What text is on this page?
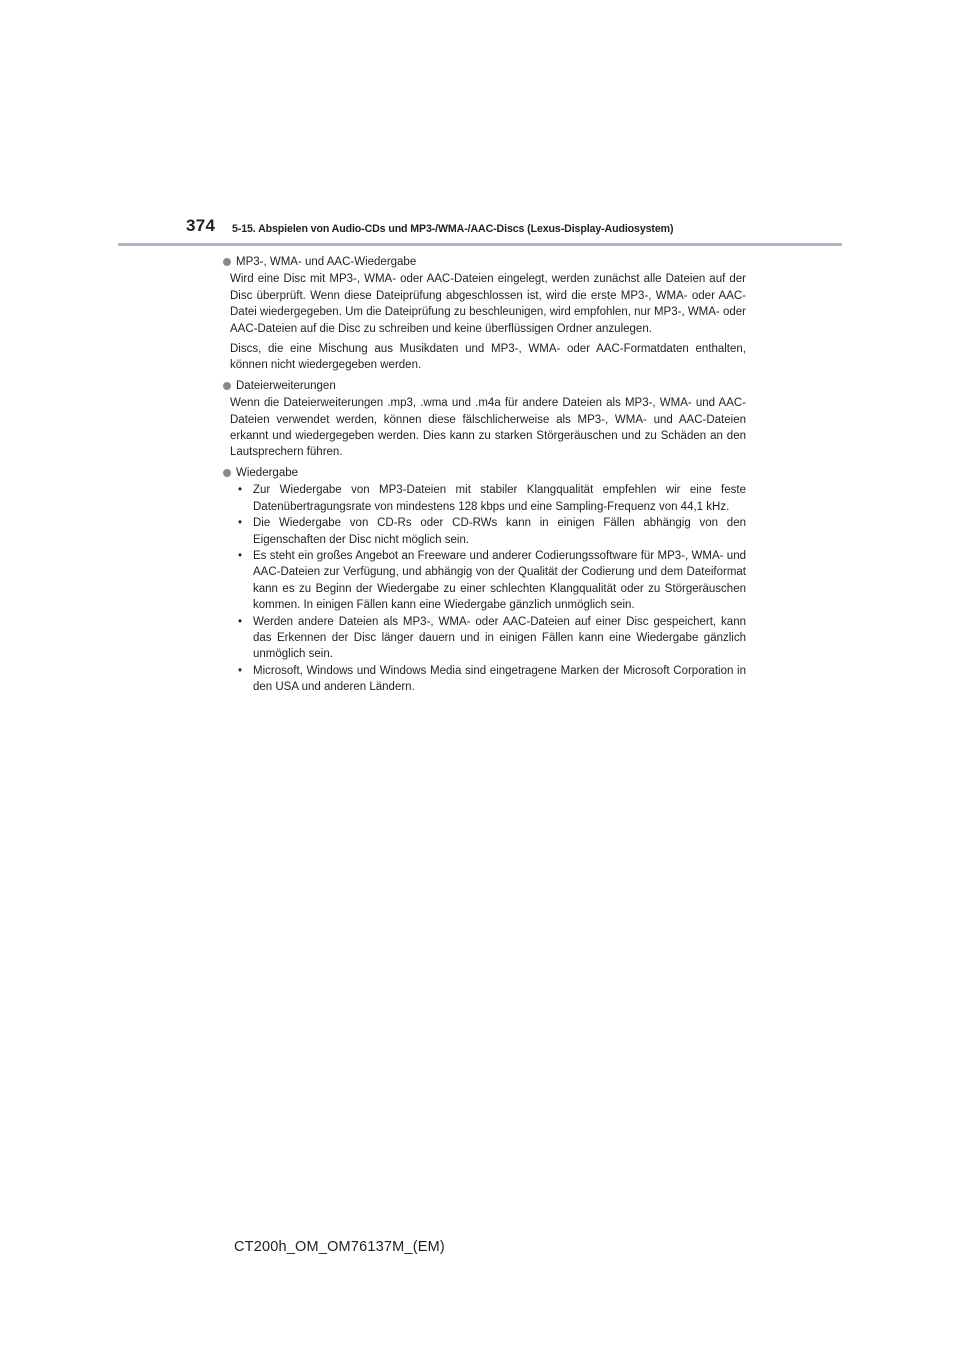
374 5-15. Abspielen von Audio-CDs und MP3-/WMA-/AAC-Discs (Lexus-Display-Audiosystem)
MP3-, WMA- und AAC-Wiedergabe

Wird eine Disc mit MP3-, WMA- oder AAC-Dateien eingelegt, werden zunächst alle Dateien auf der Disc überprüft. Wenn diese Dateiprüfung abgeschlossen ist, wird die erste MP3-, WMA- oder AAC-Datei wiedergegeben. Um die Dateiprüfung zu beschleunigen, wird empfohlen, nur MP3-, WMA- oder AAC-Dateien auf die Disc zu schreiben und keine überflüssigen Ordner anzulegen.

Discs, die eine Mischung aus Musikdaten und MP3-, WMA- oder AAC-Formatdaten enthalten, können nicht wiedergegeben werden.

Dateierweiterungen

Wenn die Dateierweiterungen .mp3, .wma und .m4a für andere Dateien als MP3-, WMA- und AAC-Dateien verwendet werden, können diese fälschlicherweise als MP3-, WMA- und AAC-Dateien erkannt und wiedergegeben werden. Dies kann zu starken Störgeräuschen und zu Schäden an den Lautsprechern führen.

Wiedergabe
• Zur Wiedergabe von MP3-Dateien mit stabiler Klangqualität empfehlen wir eine feste Datenübertragungsrate von mindestens 128 kbps und eine Sampling-Frequenz von 44,1 kHz.
• Die Wiedergabe von CD-Rs oder CD-RWs kann in einigen Fällen abhängig von den Eigenschaften der Disc nicht möglich sein.
• Es steht ein großes Angebot an Freeware und anderer Codierungssoftware für MP3-, WMA- und AAC-Dateien zur Verfügung, und abhängig von der Qualität der Codierung und dem Dateiformat kann es zu Beginn der Wiedergabe zu einer schlechten Klangqualität oder zu Störgeräuschen kommen. In einigen Fällen kann eine Wiedergabe gänzlich unmöglich sein.
• Werden andere Dateien als MP3-, WMA- oder AAC-Dateien auf einer Disc gespeichert, kann das Erkennen der Disc länger dauern und in einigen Fällen kann eine Wiedergabe gänzlich unmöglich sein.
• Microsoft, Windows und Windows Media sind eingetragene Marken der Microsoft Corporation in den USA und anderen Ländern.
CT200h_OM_OM76137M_(EM)
